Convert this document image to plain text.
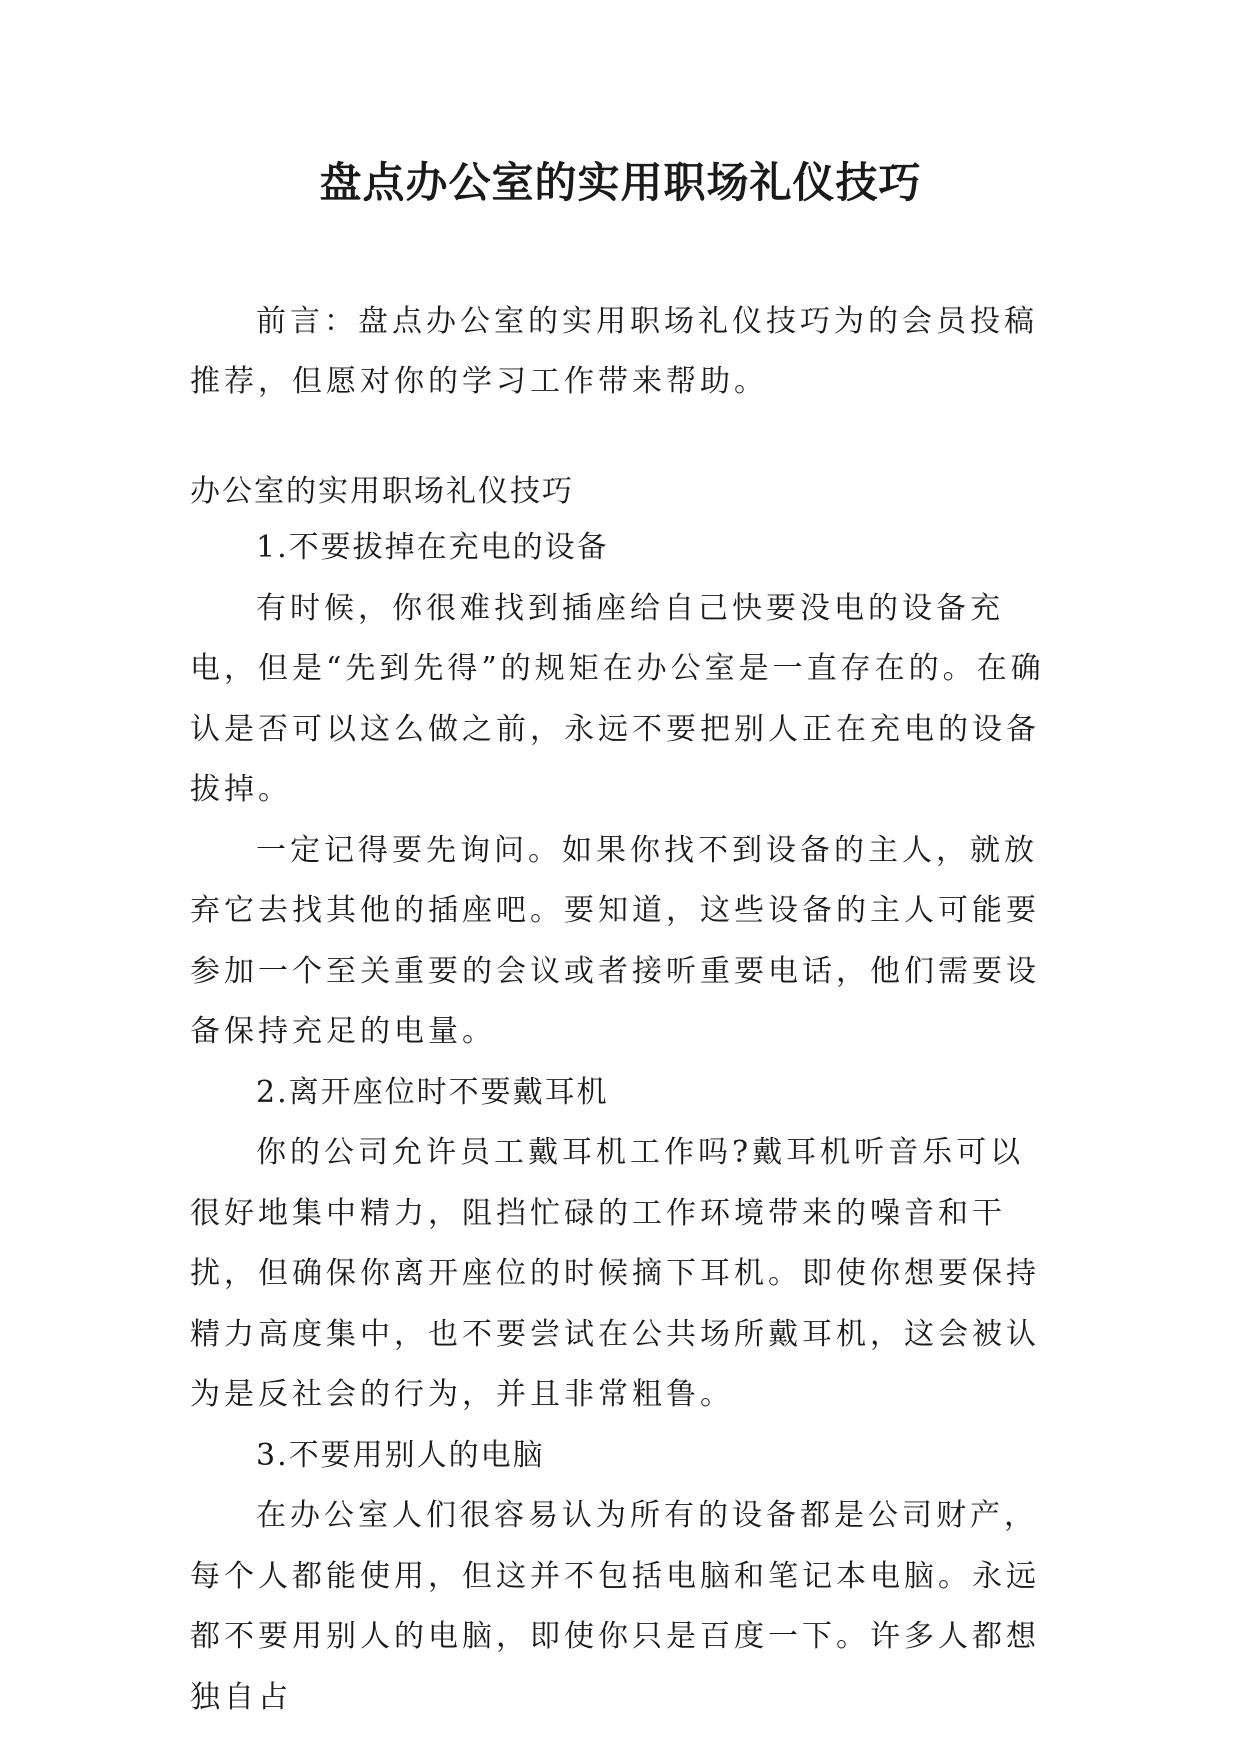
盘点办公室的实用职场礼仪技巧
前言：盘点办公室的实用职场礼仪技巧为的会员投稿推荐，但愿对你的学习工作带来帮助。
办公室的实用职场礼仪技巧

1.不要拔掉在充电的设备

有时候，你很难找到插座给自己快要没电的设备充电，但是“先到先得”的规矩在办公室是一直存在的。在确认是否可以这么做之前，永远不要把别人正在充电的设备拔掉。

一定记得要先询问。如果你找不到设备的主人，就放弃它去找其他的插座吧。要知道，这些设备的主人可能要参加一个至关重要的会议或者接听重要电话，他们需要设备保持充足的电量。

2.离开座位时不要戴耳机

你的公司允许员工戴耳机工作吗?戴耳机听音乐可以很好地集中精力，阻挡忙碌的工作环境带来的噪音和干扰，但确保你离开座位的时候摘下耳机。即使你想要保持精力高度集中，也不要尝试在公共场所戴耳机，这会被认为是反社会的行为，并且非常粗鲁。

3.不要用别人的电脑

在办公室人们很容易认为所有的设备都是公司财产，每个人都能使用，但这并不包括电脑和笔记本电脑。永远都不要用别人的电脑，即使你只是百度一下。许多人都想独自占
